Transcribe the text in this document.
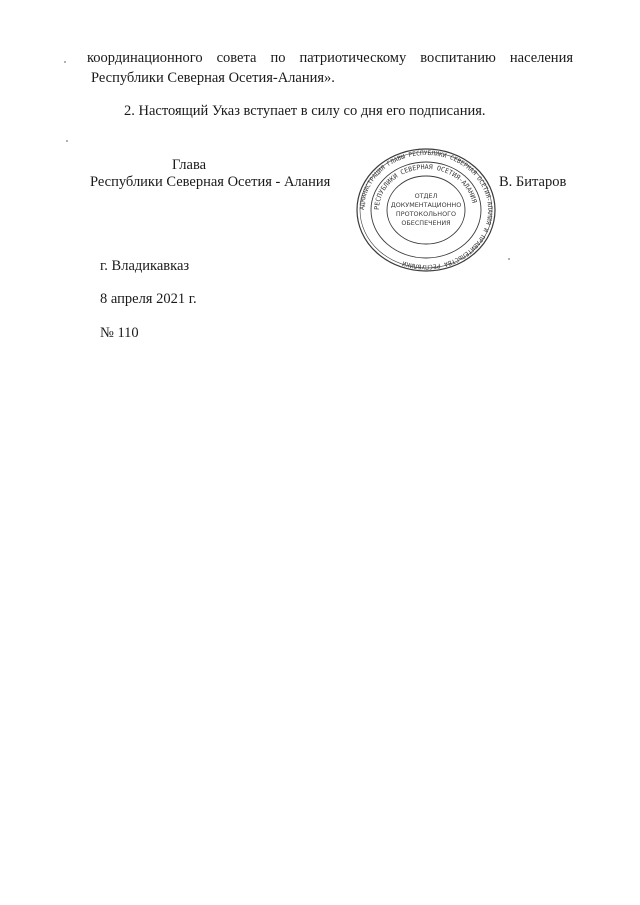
координационного совета по патриотическому воспитанию населения
Республики Северная Осетия-Алания».
2. Настоящий Указ вступает в силу со дня его подписания.
Глава
Республики Северная Осетия - Алания
АДМИНИСТРАЦИЯ ГЛАВЫ РЕСПУБЛИКИ СЕВЕРНАЯ ОСЕТИЯ-АЛАНИЯ И ПРАВИТЕЛЬСТВА РЕСПУБЛИКИ
РЕСПУБЛИКИ СЕВЕРНАЯ ОСЕТИЯ-АЛАНИЯ
ОТДЕЛ
ДОКУМЕНТАЦИОННО
ПРОТОКОЛЬНОГО
ОБЕСПЕЧЕНИЯ
В. Битаров
г. Владикавказ
8 апреля 2021 г.
№ 110
